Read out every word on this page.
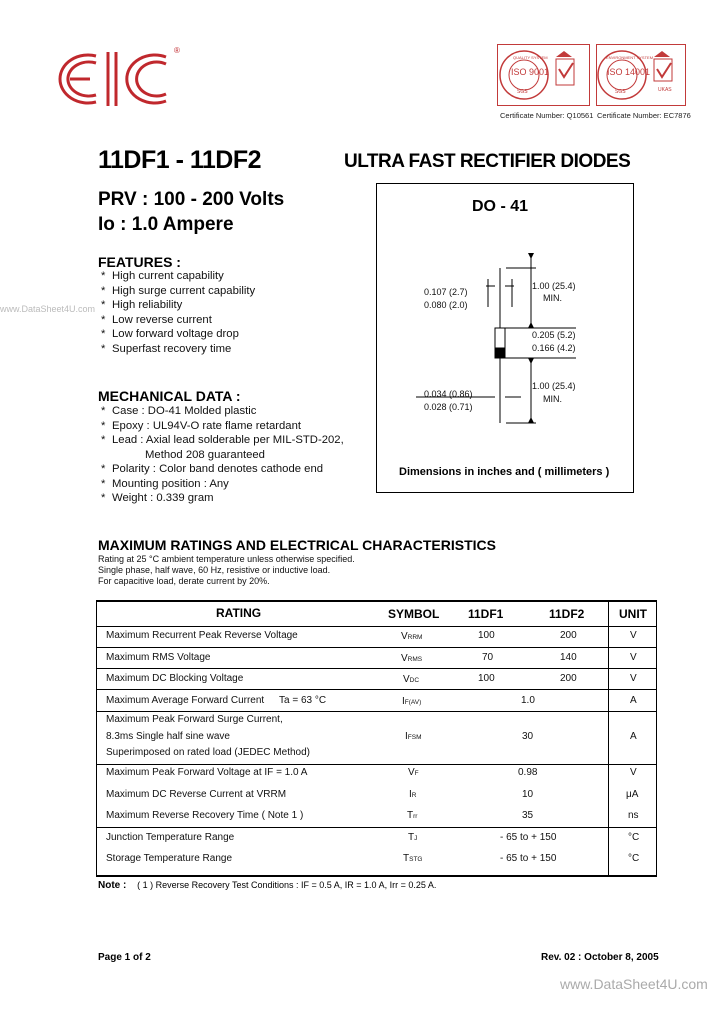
®
QUALITY SYSTEM
ISO 9001
SGS
ENVIRONMENT SYSTEM
ISO 14001
SGS	UKAS
Certificate Number: Q10561 Certificate Number: EC7876
11DF1 - 11DF2	ULTRA FAST RECTIFIER DIODES
PRV : 100 - 200 Volts
Io : 1.0 Ampere
FEATURES :
* High current capability
* High surge current capability
* High reliability
* Low reverse current
* Low forward voltage drop
* Superfast recovery time
MECHANICAL DATA :
* Case : DO-41 Molded plastic
* Epoxy : UL94V-O rate flame retardant
* Lead : Axial lead solderable per MIL-STD-202,
Method 208 guaranteed
* Polarity : Color band denotes cathode end
* Mounting position : Any
* Weight : 0.339 gram
DO - 41
1.00 (25.4)
MIN.
0.107 (2.7)
0.080 (2.0)
0.205 (5.2)
0.166 (4.2)
1.00 (25.4)
MIN.
0.034 (0.86)
0.028 (0.71)
Dimensions in inches and ( millimeters )
MAXIMUM RATINGS AND ELECTRICAL CHARACTERISTICS
Rating at 25 °C ambient temperature unless otherwise specified.
Single phase, half wave, 60 Hz, resistive or inductive load.
For capacitive load, derate current by 20%.
RATING	SYMBOL 11DF1	11DF2	UNIT
Maximum Recurrent Peak Reverse Voltage	VRRM	100	200	V
Maximum RMS Voltage	VRMS	70	140	V
Maximum DC Blocking Voltage	VDC	100	200	V
Maximum Average Forward Current Ta = 63 °C	IF(AV)	1.0	A
Maximum Peak Forward Surge Current,
8.3ms Single half sine wave
Superimposed on rated load (JEDEC Method)
IFSM	30	A
Maximum Peak Forward Voltage at IF = 1.0 A	VF	0.98	V
Maximum DC Reverse Current at VRRM	IR	10	μA
Maximum Reverse Recovery Time ( Note 1 )	Trr	35	ns
Junction Temperature Range	TJ	- 65 to + 150	°C
Storage Temperature Range	TSTG	- 65 to + 150	°C
Note : ( 1 ) Reverse Recovery Test Conditions : IF = 0.5 A, IR = 1.0 A, Irr = 0.25 A.
Page 1 of 2	Rev. 02 : October 8, 2005
www.DataSheet4U.com
www.DataSheet4U.com
